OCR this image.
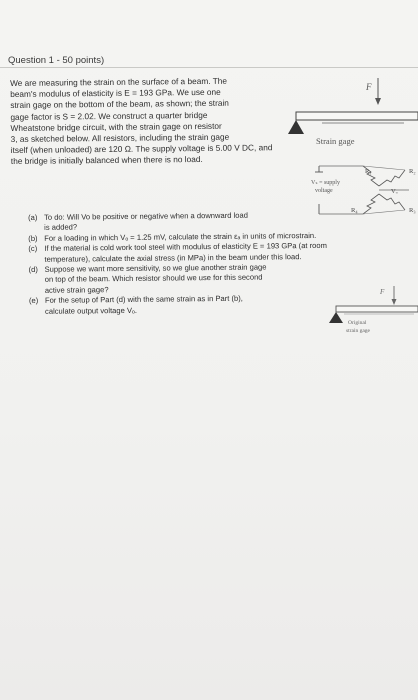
Question 1 - 50 points)
We are measuring the strain on the surface of a beam. The
beam's modulus of elasticity is E = 193 GPa. We use one
strain gage on the bottom of the beam, as shown; the strain
gage factor is S = 2.02. We construct a quarter bridge
Wheatstone bridge circuit, with the strain gage on resistor
3, as sketched below. All resistors, including the strain gage
itself (when unloaded) are 120 Ω. The supply voltage is 5.00 V DC, and
the bridge is initially balanced when there is no load.
F
Strain gage
Vₛ = supply
voltage
R₁	R₂
R₃
R₄
Vₒ
(a) To do: Will Vo be positive or negative when a downward load
is added?
(b) For a loading in which Vₒ = 1.25 mV, calculate the strain εₐ in units of microstrain.
(c) If the material is cold work tool steel with modulus of elasticity E = 193 GPa (at room
temperature), calculate the axial stress (in MPa) in the beam under this load.
(d) Suppose we want more sensitivity, so we glue another strain gage
on top of the beam. Which resistor should we use for this second
active strain gage?
(e) For the setup of Part (d) with the same strain as in Part (b),
calculate output voltage Vₒ.
F
Original
strain gage
